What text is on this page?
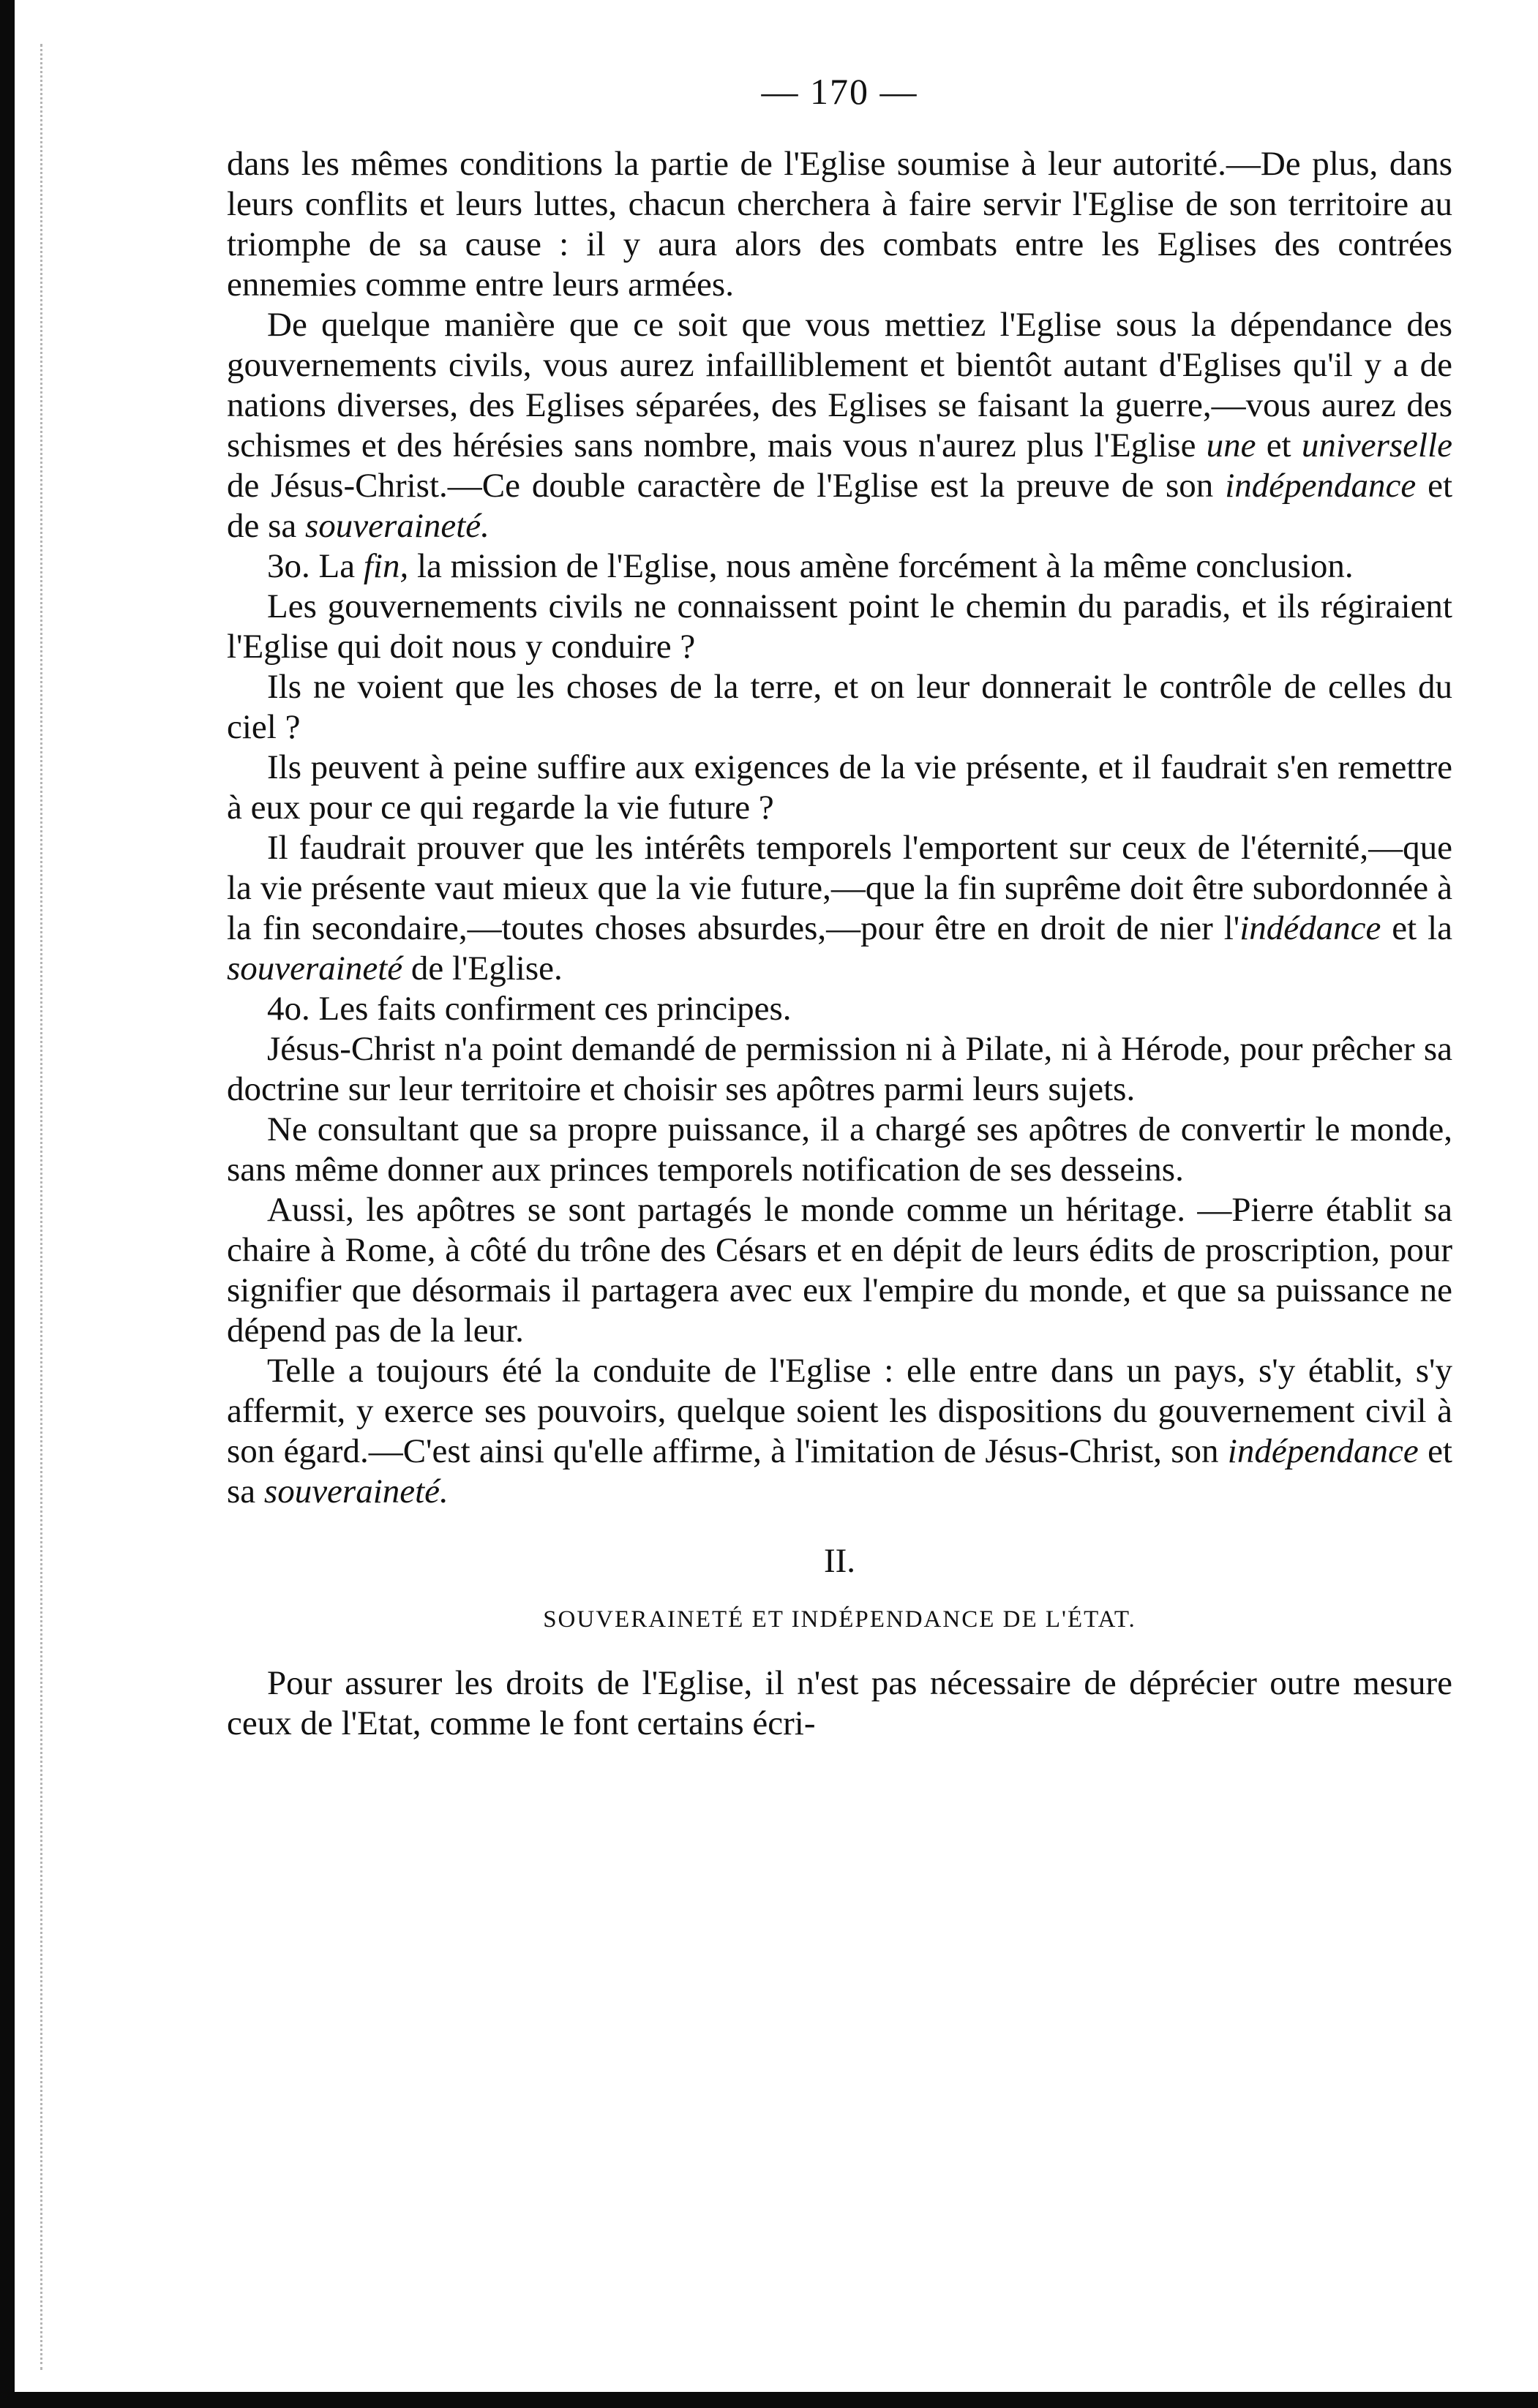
— 170 —

dans les mêmes conditions la partie de l'Eglise soumise à leur autorité.—De plus, dans leurs conflits et leurs luttes, chacun cherchera à faire servir l'Eglise de son territoire au triomphe de sa cause : il y aura alors des combats entre les Eglises des contrées ennemies comme entre leurs armées.

De quelque manière que ce soit que vous mettiez l'Eglise sous la dépendance des gouvernements civils, vous aurez infailliblement et bientôt autant d'Eglises qu'il y a de nations diverses, des Eglises séparées, des Eglises se faisant la guerre,—vous aurez des schismes et des hérésies sans nombre, mais vous n'aurez plus l'Eglise une et universelle de Jésus-Christ.—Ce double caractère de l'Eglise est la preuve de son indépendance et de sa souveraineté.

3o. La fin, la mission de l'Eglise, nous amène forcément à la même conclusion.

Les gouvernements civils ne connaissent point le chemin du paradis, et ils régiraient l'Eglise qui doit nous y conduire ?

Ils ne voient que les choses de la terre, et on leur donnerait le contrôle de celles du ciel ?

Ils peuvent à peine suffire aux exigences de la vie présente, et il faudrait s'en remettre à eux pour ce qui regarde la vie future ?

Il faudrait prouver que les intérêts temporels l'emportent sur ceux de l'éternité,—que la vie présente vaut mieux que la vie future,—que la fin suprême doit être subordonnée à la fin secondaire,—toutes choses absurdes,—pour être en droit de nier l'indédance et la souveraineté de l'Eglise.

4o. Les faits confirment ces principes.

Jésus-Christ n'a point demandé de permission ni à Pilate, ni à Hérode, pour prêcher sa doctrine sur leur territoire et choisir ses apôtres parmi leurs sujets.

Ne consultant que sa propre puissance, il a chargé ses apôtres de convertir le monde, sans même donner aux princes temporels notification de ses desseins.

Aussi, les apôtres se sont partagés le monde comme un héritage. —Pierre établit sa chaire à Rome, à côté du trône des Césars et en dépit de leurs édits de proscription, pour signifier que désormais il partagera avec eux l'empire du monde, et que sa puissance ne dépend pas de la leur.

Telle a toujours été la conduite de l'Eglise : elle entre dans un pays, s'y établit, s'y affermit, y exerce ses pouvoirs, quelque soient les dispositions du gouvernement civil à son égard.—C'est ainsi qu'elle affirme, à l'imitation de Jésus-Christ, son indépendance et sa souveraineté.

II.
SOUVERAINETÉ ET INDÉPENDANCE DE L'ÉTAT.

Pour assurer les droits de l'Eglise, il n'est pas nécessaire de déprécier outre mesure ceux de l'Etat, comme le font certains écri-
